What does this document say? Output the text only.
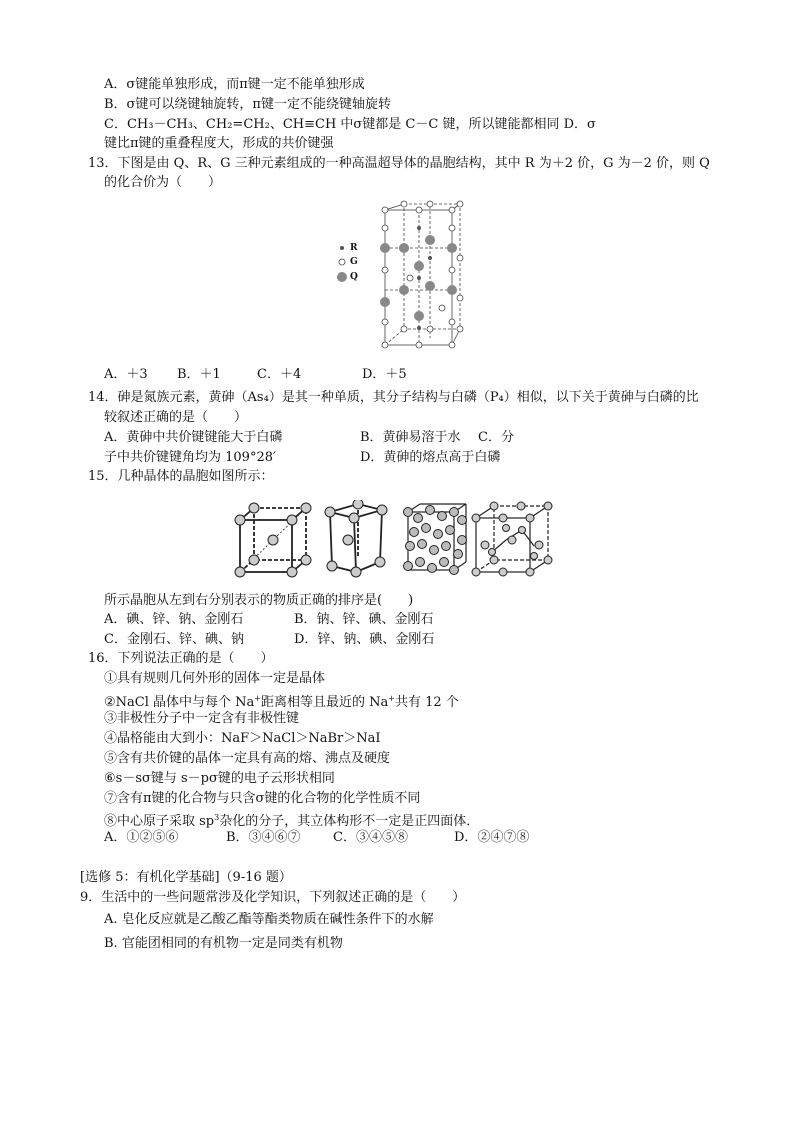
A．σ键能单独形成，而π键一定不能单独形成
B．σ键可以绕键轴旋转，π键一定不能绕键轴旋转
C．CH₃－CH₃、CH₂=CH₂、CH≡CH 中σ键都是 C－C 键，所以键能都相同 D．σ
键比π键的重叠程度大，形成的共价键强
13．下图是由 Q、R、G 三种元素组成的一种高温超导体的晶胞结构，其中 R 为＋2 价，G 为－2 价，则 Q
的化合价为（　　）
R
G
Q
A．＋3 B．＋1	C．＋4	D．＋5
14．砷是氮族元素，黄砷（As₄）是其一种单质，其分子结构与白磷（P₄）相似，以下关于黄砷与白磷的比
较叙述正确的是（　　）
A．黄砷中共价键键能大于白磷	B．黄砷易溶于水 C．分
子中共价键键角均为 109°28′	D．黄砷的熔点高于白磷
15．几种晶体的晶胞如图所示：
所示晶胞从左到右分别表示的物质正确的排序是(　　)
A．碘、锌、钠、金刚石	B．钠、锌、碘、金刚石
C．金刚石、锌、碘、钠	D．锌、钠、碘、金刚石
16．下列说法正确的是（　　）
①具有规则几何外形的固体一定是晶体
②NaCl 晶体中与每个 Na+距离相等且最近的 Na+共有 12 个
③非极性分子中一定含有非极性键
④晶格能由大到小：NaF＞NaCl＞NaBr＞NaI
⑤含有共价键的晶体一定具有高的熔、沸点及硬度
⑥s－sσ键与 s－pσ键的电子云形状相同
⑦含有π键的化合物与只含σ键的化合物的化学性质不同
⑧中心原子采取 $sp^3$杂化的分子，其立体构形不一定是正四面体．
A．①②⑤⑥	B．③④⑥⑦ C．③④⑤⑧	D．②④⑦⑧
[选修 5：有机化学基础]（9-16 题）
9．生活中的一些问题常涉及化学知识，下列叙述正确的是（　　）
A. 皂化反应就是乙酸乙酯等酯类物质在碱性条件下的水解
B. 官能团相同的有机物一定是同类有机物
